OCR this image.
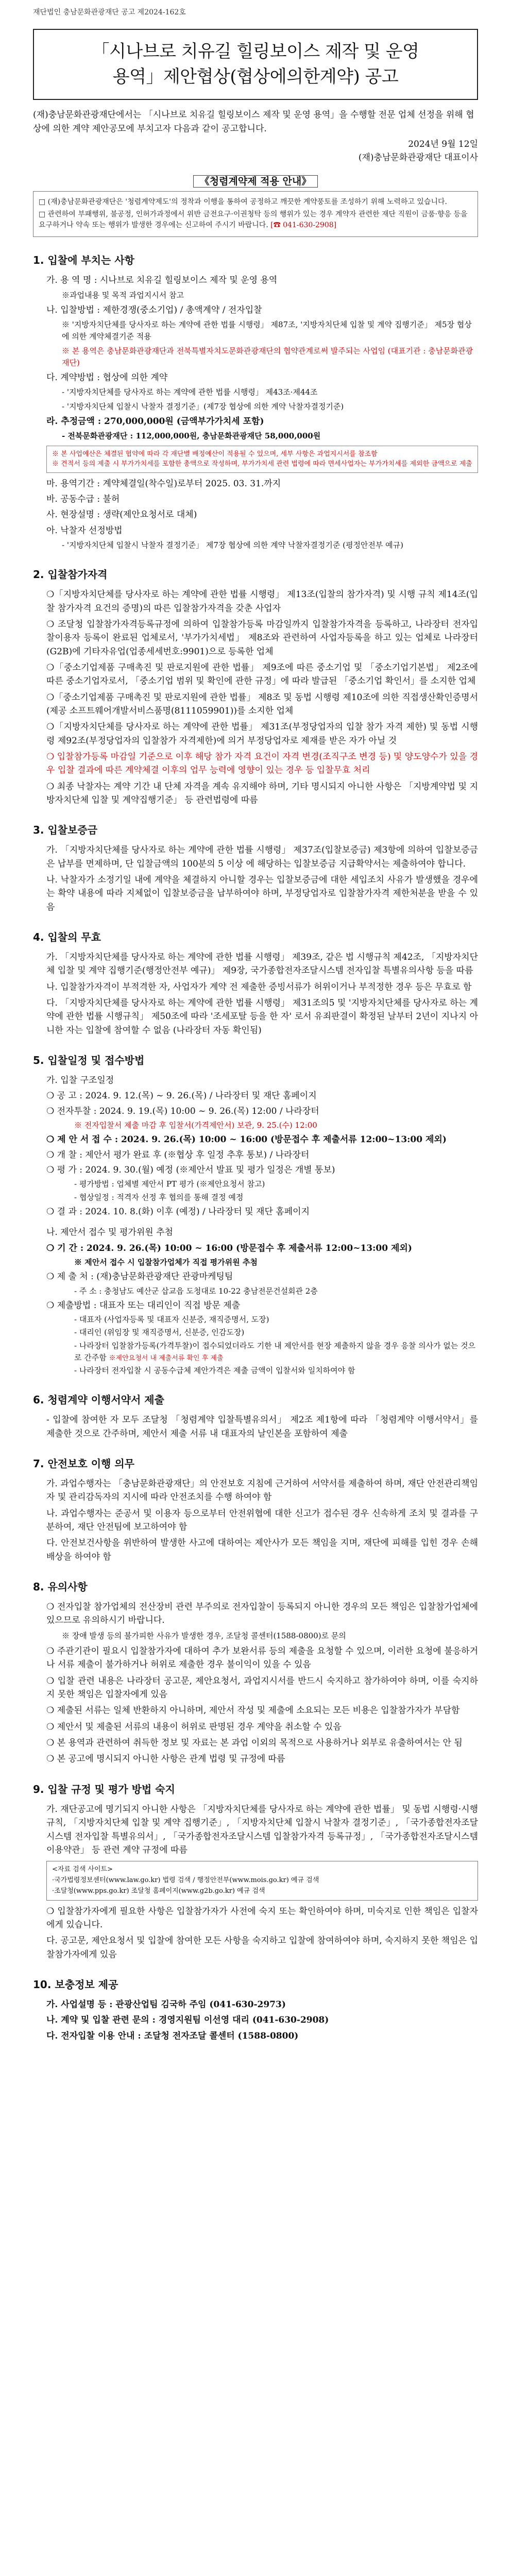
재단법인 충남문화관광재단 공고 제2024-162호
「시나브로 치유길 힐링보이스 제작 및 운영
용역」제안협상(협상에의한계약) 공고

(재)충남문화관광재단에서는 「시나브로 치유길 힐링보이스 제작 및 운영 용역」을 수행할 전문 업체 선정을 위해 협상에 의한 계약 제안공모에 부치고자 다음과 같이 공고합니다.

2024년 9월 12일
(재)충남문화관광재단 대표이사
《청렴계약제 적용 안내》

□ (재)충남문화관광재단은 '청렴계약제도'의 정착과 이행을 통하여 공정하고 깨끗한 계약풍토를 조성하기 위해 노력하고 있습니다.

□ 관련하여 부패행위, 불공정, 인허가과정에서 위반 금전요구·이권청탁 등의 행위가 있는 경우 계약자 관련한 재단 직원이 금품·향응 등을 요구하거나 약속 또는 행위가 발생한 경우에는 신고하여 주시기 바랍니다. [☎ 041-630-2908]

1. 입찰에 부치는 사항
가. 용 역 명 : 시나브로 치유길 힐링보이스 제작 및 운영 용역
※과업내용 및 목적 과업지시서 참고
나. 입찰방법 : 제한경쟁(중소기업) / 총액계약 / 전자입찰
※ '지방자치단체를 당사자로 하는 계약에 관한 법률 시행령」 제87조, '지방자치단체 입찰 및 계약 집행기준」 제5장 협상에 의한 계약체결기준 적용
※ 본 용역은 충남문화관광재단과 전북특별자치도문화관광재단의 협약관계로써 발주되는 사업임 (대표기관 : 충남문화관광재단)
다. 계약방법 : 협상에 의한 계약
- '지방자치단체를 당사자로 하는 계약에 관한 법률 시행령」 제43조·제44조
- '지방자치단체 입찰시 낙찰자 결정기준」(제7장 협상에 의한 계약 낙찰자결정기준)
라. 추정금액 : 270,000,000원 (금액부가가치세 포함)
- 전북문화관광재단 : 112,000,000원, 충남문화관광재단 58,000,000원
※ 본 사업예산은 체결된 협약에 따라 각 재단별 배정예산이 적용될 수 있으며, 세부 사항은 과업지시서를 참조함
※ 견적서 등의 제출 시 부가가치세를 포함한 총액으로 작성하며, 부가가치세 관련 법령에 따라 면세사업자는 부가가치세를 제외한 금액으로 제출
마. 용역기간 : 계약체결일(착수일)로부터 2025. 03. 31.까지
바. 공동수급 : 불허
사. 현장설명 : 생략(제안요청서로 대체)
아. 낙찰자 선정방법
- '지방자치단체 입찰시 낙찰자 결정기준」 제7장 협상에 의한 계약 낙찰자결정기준 (평정안전부 예규)
2. 입찰참가자격

❍「지방자치단체를 당사자로 하는 계약에 관한 법률 시행령」 제13조(입찰의 참가자격) 및 시행 규칙 제14조(입찰 참가자격 요건의 증명)의 따른 입찰참가자격을 갖춘 사업자

❍ 조달청 입찰참가자격등록규정에 의하여 입찰참가등록 마감일까지 입찰참가자격을 등록하고, 나라장터 전자입찰이용자 등록이 완료된 업체로서, '부가가치세법」 제8조와 관련하여 사업자등록을 하고 있는 업체로 나라장터(G2B)에 기타자유업(업종세세번호:9901)으로 등록한 업체

❍「중소기업제품 구매촉진 및 판로지원에 관한 법률」 제9조에 따른 중소기업 및 「중소기업기본법」 제2조에 따른 중소기업자로서, 「중소기업 범위 및 확인에 관한 규정」에 따라 발급된 「중소기업 확인서」를 소지한 업체

❍「중소기업제품 구매촉진 및 판로지원에 관한 법률」 제8조 및 동법 시행령 제10조에 의한 직접생산확인증명서(제공 소프트웨어개발서비스품명(8111059901))를 소지한 업체

❍「지방자치단체를 당사자로 하는 계약에 관한 법률」 제31조(부정당업자의 입찰 참가 자격 제한) 및 동법 시행령 제92조(부정당업자의 입찰참가 자격제한)에 의거 부정당업자로 제재를 받은 자가 아닐 것

❍ 입찰참가등록 마감일 기준으로 이후 해당 참가 자격 요건이 자격 변경(조직구조 변경 등) 및 양도양수가 있을 경우 입찰 결과에 따른 계약체결 이후의 업무 능력에 영향이 있는 경우 등 입찰무효 처리

❍ 최종 낙찰자는 계약 기간 내 단체 자격을 계속 유지해야 하며, 기타 명시되지 아니한 사항은 「지방계약법 및 지방자치단체 입찰 및 계약집행기준」 등 관련법령에 따름

3. 입찰보증금

가. 「지방자치단체를 당사자로 하는 계약에 관한 법률 시행령」 제37조(입찰보증금) 제3항에 의하여 입찰보증금은 납부를 면제하며, 단 입찰금액의 100분의 5 이상 에 해당하는 입찰보증금 지급확약서는 제출하여야 합니다.

나. 낙찰자가 소정기일 내에 계약을 체결하지 아니할 경우는 입찰보증금에 대한 세입조치 사유가 발생했을 경우에는 확약 내용에 따라 지체없이 입찰보증금을 납부하여야 하며, 부정당업자로 입찰참가자격 제한처분을 받을 수 있음

4. 입찰의 무효

가. 「지방자치단체를 당사자로 하는 계약에 관한 법률 시행령」 제39조, 같은 법 시행규칙 제42조, 「지방자치단체 입찰 및 계약 집행기준(행정안전부 예규)」 제9장, 국가종합전자조달시스템 전자입찰 특별유의사항 등을 따름

나. 입찰참가자격이 부적격한 자, 사업자가 계약 전 제출한 증빙서류가 허위이거나 부적정한 경우 등은 무효로 함

다. 「지방자치단체를 당사자로 하는 계약에 관한 법률 시행령」 제31조의5 및 '지방자치단체를 당사자로 하는 계약에 관한 법률 시행규칙」 제50조에 따라 '조세포탈 등을 한 자' 로서 유죄판결이 확정된 날부터 2년이 지나지 아니한 자는 입찰에 참여할 수 없음 (나라장터 자동 확인됨)

5. 입찰일정 및 접수방법
가. 입찰 구조일정
❍ 공 고 : 2024. 9. 12.(목) ~ 9. 26.(목) / 나라장터 및 재단 홈페이지
❍ 전자투찰 : 2024. 9. 19.(목) 10:00 ~ 9. 26.(목) 12:00 / 나라장터
※ 전자입찰서 제출 마감 후 입찰서(가격제안서) 보관, 9. 25.(수) 12:00
❍ 제 안 서 접 수 : 2024. 9. 26.(목) 10:00 ~ 16:00 (방문접수 후 제출서류 12:00~13:00 제외)
❍ 개 찰 : 제안서 평가 완료 후 (※협상 후 일정 추후 통보) / 나라장터
❍ 평 가 : 2024. 9. 30.(월) 예정 (※제안서 발표 및 평가 일정은 개별 통보)
- 평가방법 : 업체별 제안서 PT 평가 (※제안요청서 참고)
- 협상일정 : 적격자 선정 후 협의를 통해 결정 예정
❍ 결 과 : 2024. 10. 8.(화) 이후 (예정) / 나라장터 및 재단 홈페이지
나. 제안서 접수 및 평가위원 추첨
❍ 기 간 : 2024. 9. 26.(목) 10:00 ~ 16:00 (방문접수 후 제출서류 12:00~13:00 제외)
※ 제안서 접수 시 입찰참가업체가 직접 평가위원 추첨
❍ 제 출 처 : (재)충남문화관광재단 관광마케팅팀
- 주 소 : 충청남도 예산군 삽교읍 도청대로 10-22 충남전문건설회관 2층
❍ 제출방법 : 대표자 또는 대리인이 직접 방문 제출
- 대표자 (사업자등록 및 대표자 신분증, 재직증명서, 도장)
- 대리인 (위임장 및 재직증명서, 신분증, 인감도장)
- 나라장터 입찰참가등록(가격투찰)이 접수되었더라도 기한 내 제안서를 현장 제출하지 않을 경우 응찰 의사가 없는 것으로 간주함 ※제안요청서 내 제출서류 확인 후 제출
- 나라장터 전자입찰 시 공동수급체 제안가격은 제출 금액이 입찰서와 일치하여야 함
6. 청렴계약 이행서약서 제출

- 입찰에 참여한 자 모두 조달청 「청렴계약 입찰특별유의서」 제2조 제1항에 따라 「청렴계약 이행서약서」를 제출한 것으로 간주하며, 제안서 제출 서류 내 대표자의 날인본을 포함하여 제출

7. 안전보호 이행 의무

가. 과업수행자는 「충남문화관광재단」의 안전보호 지침에 근거하여 서약서를 제출하여 하며, 재단 안전관리책임자 및 관리감독자의 지시에 따라 안전조치를 수행 하여야 함

나. 과업수행자는 준공서 및 이용자 등으로부터 안전위협에 대한 신고가 접수된 경우 신속하게 조치 및 결과를 구분하여, 재단 안전팀에 보고하여야 함

다. 안전보건사항을 위반하여 발생한 사고에 대하여는 제안사가 모든 책임을 지며, 재단에 피해를 입힌 경우 손해배상을 하여야 함

8. 유의사항

❍ 전자입찰 참가업체의 전산장비 관련 부주의로 전자입찰이 등록되지 아니한 경우의 모든 책임은 입찰참가업체에 있으므로 유의하시기 바랍니다.

※ 장애 발생 등의 불가피한 사유가 발생한 경우, 조달청 콜센터(1588-0800)로 문의

❍ 주관기관이 필요시 입찰참가자에 대하여 추가 보완서류 등의 제출을 요청할 수 있으며, 이러한 요청에 불응하거나 서류 제출이 불가하거나 허위로 제출한 경우 불이익이 있을 수 있음

❍ 입찰 관련 내용은 나라장터 공고문, 제안요청서, 과업지시서를 반드시 숙지하고 참가하여야 하며, 이를 숙지하지 못한 책임은 입찰자에게 있음

❍ 제출된 서류는 일체 반환하지 아니하며, 제안서 작성 및 제출에 소요되는 모든 비용은 입찰참가자가 부담함

❍ 제안서 및 제출된 서류의 내용이 허위로 판명된 경우 계약을 취소할 수 있음

❍ 본 용역과 관련하여 취득한 정보 및 자료는 본 과업 이외의 목적으로 사용하거나 외부로 유출하여서는 안 됨

❍ 본 공고에 명시되지 아니한 사항은 관계 법령 및 규정에 따름

9. 입찰 규정 및 평가 방법 숙지

가. 재단공고에 명기되지 아니한 사항은 「지방자치단체를 당사자로 하는 계약에 관한 법률」 및 동법 시행령·시행규칙, 「지방자치단체 입찰 및 계약 집행기준」, 「지방자치단체 입찰시 낙찰자 결정기준」, 「국가종합전자조달시스템 전자입찰 특별유의서」, 「국가종합전자조달시스템 입찰참가자격 등록규정」, 「국가종합전자조달시스템 이용약관」 등 관련 계약 규정에 따름

<자료 검색 사이트>
·국가법령정보센터(www.law.go.kr) 법령 검색 / 행정안전부(www.mois.go.kr) 예규 검색
·조달청(www.pps.go.kr) 조달청 홈페이지(www.g2b.go.kr) 예규 검색

❍ 입찰참가자에게 필요한 사항은 입찰참가자가 사전에 숙지 또는 확인하여야 하며, 미숙지로 인한 책임은 입찰자에게 있습니다.

다. 공고문, 제안요청서 및 입찰에 참여한 모든 사항을 숙지하고 입찰에 참여하여야 하며, 숙지하지 못한 책임은 입찰참가자에게 있음

10. 보충정보 제공
가. 사업설명 등 : 관광산업팀 김국하 주임 (041-630-2973)
나. 계약 및 입찰 관련 문의 : 경영지원팀 이선영 대리 (041-630-2908)
다. 전자입찰 이용 안내 : 조달청 전자조달 콜센터 (1588-0800)
